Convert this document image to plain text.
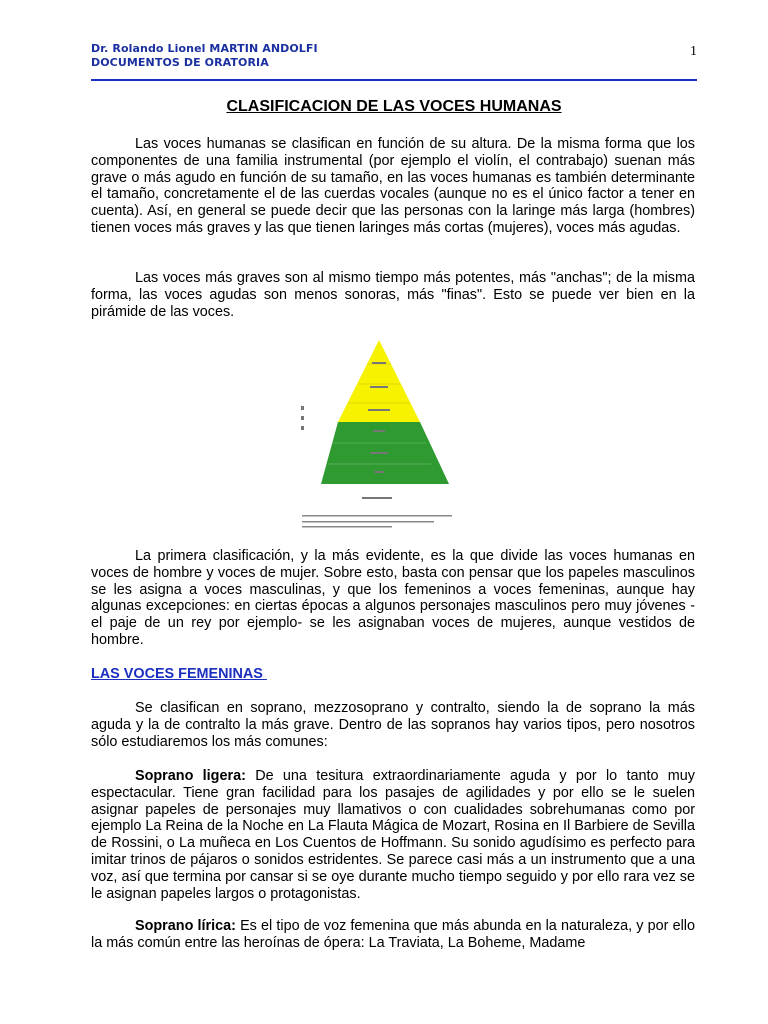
Dr. Rolando Lionel MARTIN ANDOLFI
DOCUMENTOS DE ORATORIA
1
CLASIFICACION DE LAS VOCES HUMANAS

Las voces humanas se clasifican en función de su altura. De la misma forma que los componentes de una familia instrumental (por ejemplo el violín, el contrabajo) suenan más grave o más agudo en función de su tamaño, en las voces humanas es también determinante el tamaño, concretamente el de las cuerdas vocales (aunque no es el único factor a tener en cuenta). Así, en general se puede decir que las personas con la laringe más larga (hombres) tienen voces más graves y las que tienen laringes más cortas (mujeres), voces más agudas.

Las voces más graves son al mismo tiempo más potentes, más "anchas"; de la misma forma, las voces agudas son menos sonoras, más "finas". Esto se puede ver bien en la pirámide de las voces.

La primera clasificación, y la más evidente, es la que divide las voces humanas en voces de hombre y voces de mujer. Sobre esto, basta con pensar que los papeles masculinos se les asigna a voces masculinas, y que los femeninos a voces femeninas, aunque hay algunas excepciones: en ciertas épocas a algunos personajes masculinos pero muy jóvenes -el paje de un rey por ejemplo- se les asignaban voces de mujeres, aunque vestidos de hombre.

LAS VOCES FEMENINAS

Se clasifican en soprano, mezzosoprano y contralto, siendo la de soprano la más aguda y la de contralto la más grave. Dentro de las sopranos hay varios tipos, pero nosotros sólo estudiaremos los más comunes:

Soprano ligera: De una tesitura extraordinariamente aguda y por lo tanto muy espectacular. Tiene gran facilidad para los pasajes de agilidades y por ello se le suelen asignar papeles de personajes muy llamativos o con cualidades sobrehumanas como por ejemplo La Reina de la Noche en La Flauta Mágica de Mozart, Rosina en Il Barbiere de Sevilla de Rossini, o La muñeca en Los Cuentos de Hoffmann. Su sonido agudísimo es perfecto para imitar trinos de pájaros o sonidos estridentes. Se parece casi más a un instrumento que a una voz, así que termina por cansar si se oye durante mucho tiempo seguido y por ello rara vez se le asignan papeles largos o protagonistas.

Soprano lírica: Es el tipo de voz femenina que más abunda en la naturaleza, y por ello la más común entre las heroínas de ópera: La Traviata, La Boheme, Madame
